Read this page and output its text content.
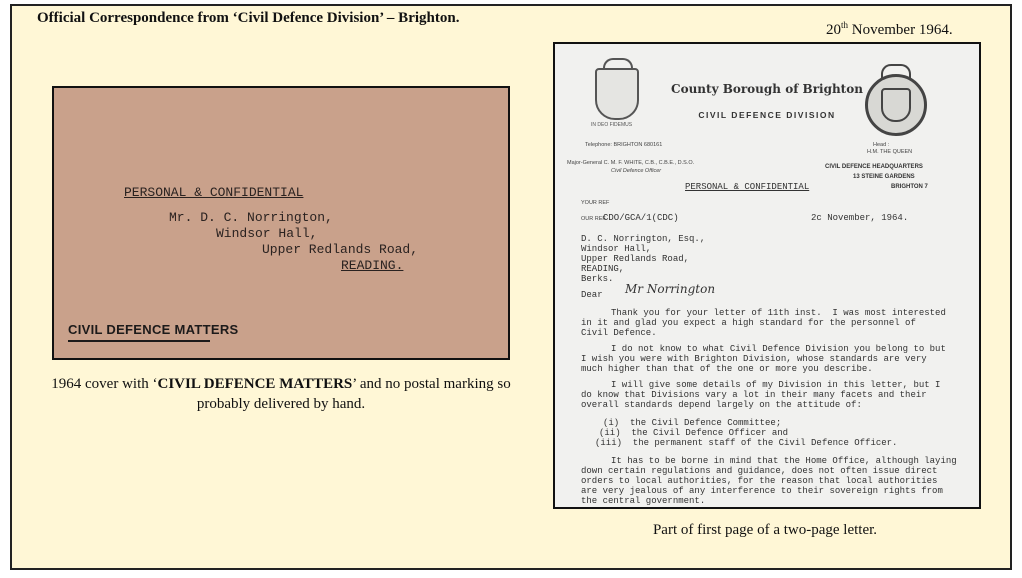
Official Correspondence from ‘Civil Defence Division’ – Brighton.
20th November 1964.
PERSONAL & CONFIDENTIAL
Mr. D. C. Norrington,
Windsor Hall,
Upper Redlands Road,
READING.
CIVIL DEFENCE MATTERS
1964 cover with ‘CIVIL DEFENCE MATTERS’ and no postal marking so probably delivered by hand.
IN DEO FIDEMUS
County Borough of Brighton
CIVIL DEFENCE DIVISION
Telephone: BRIGHTON 680161	Head :
H.M. THE QUEEN
Major-General C. M. F. WHITE, C.B., C.B.E., D.S.O.
Civil Defence Officer
CIVIL DEFENCE HEADQUARTERS
13 STEINE GARDENS
BRIGHTON 7
PERSONAL & CONFIDENTIAL
YOUR REF
OUR REF
CDO/GCA/1(CDC)	2c November, 1964.
D. C. Norrington, Esq.,
Windsor Hall,
Upper Redlands Road,
READING,
Berks.
Dear Mr Norrington
Thank you for your letter of 11th inst.  I was most interested
in it and glad you expect a high standard for the personnel of
Civil Defence.
I do not know to what Civil Defence Division you belong to but
I wish you were with Brighton Division, whose standards are very
much higher than that of the one or more you describe.
I will give some details of my Division in this letter, but I
do know that Divisions vary a lot in their many facets and their
overall standards depend largely on the attitude of:
(i)  the Civil Defence Committee;
(ii)  the Civil Defence Officer and
(iii)  the permanent staff of the Civil Defence Officer.
It has to be borne in mind that the Home Office, although laying
down certain regulations and guidance, does not often issue direct
orders to local authorities, for the reason that local authorities
are very jealous of any interference to their sovereign rights from
the central government.
Part of first page of a two-page letter.
